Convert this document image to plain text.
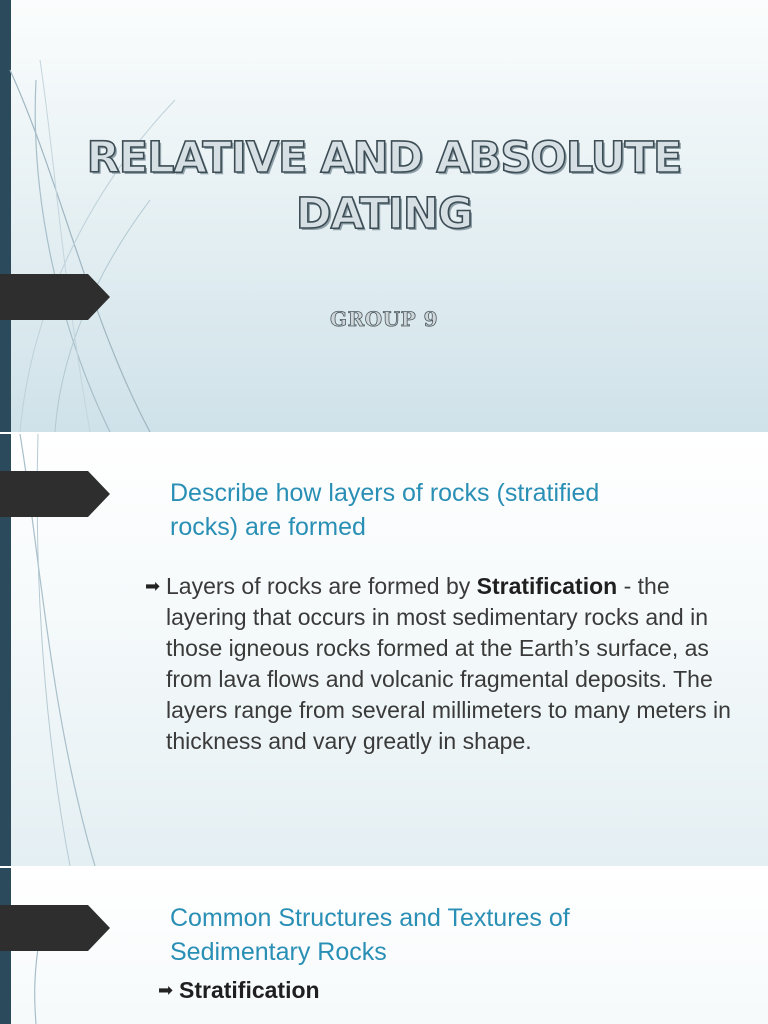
RELATIVE AND ABSOLUTE
DATING
GROUP 9
Describe how layers of rocks (stratified
rocks) are formed
➡ Layers of rocks are formed by Stratification - the layering that occurs in most sedimentary rocks and in those igneous rocks formed at the Earth’s surface, as from lava flows and volcanic fragmental deposits. The layers range from several millimeters to many meters in thickness and vary greatly in shape.
Common Structures and Textures of
Sedimentary Rocks
➡ Stratification
